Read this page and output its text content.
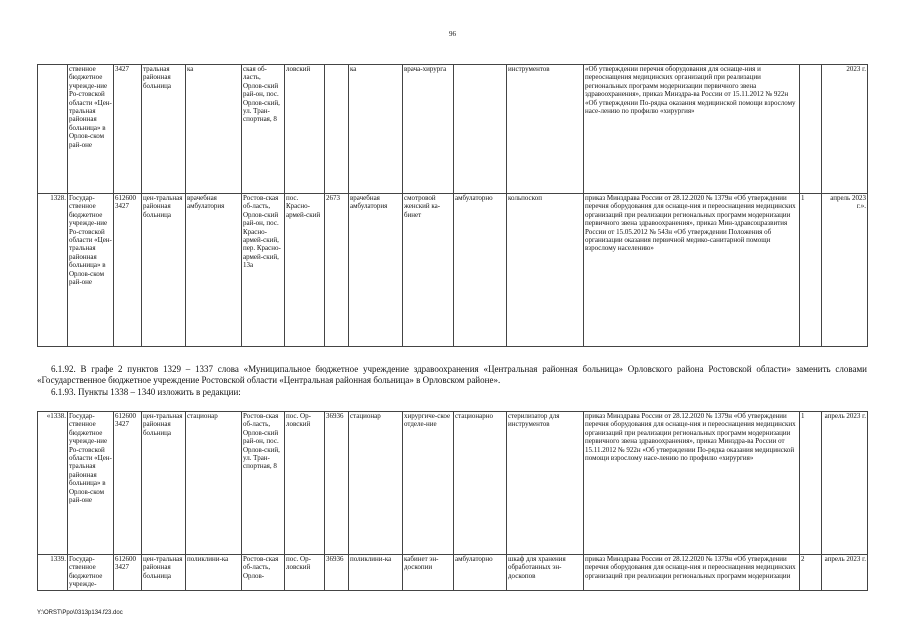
96
	ственное бюджетное учрежде-ние Ро-стовской области «Цен-тральная районная больница» в Орлов-ском рай-оне	3427	тральная районная больница	ка	ская об-ласть, Орлов-ский рай-он, пос. Орлов-ский, ул. Тран-спортная, 8	ловский		ка	врача-хирурга		инструментов	«Об утверждении перечня оборудования для оснаще-ния и переоснащения медицинских организаций при реализации региональных программ модернизации первичного звена здравоохранения», приказ Минздра-ва России от 15.11.2012 № 922н «Об утверждении По-рядка оказания медицинской помощи взрослому насе-лению по профилю «хирургия»		2023 г.
1328.	Государ-ственное бюджетное учрежде-ние Ро-стовской области «Цен-тральная районная больница» в Орлов-ском рай-оне	612600 3427	цен-тральная районная больница	врачебная амбулатория	Ростов-ская об-ласть, Орлов-ский рай-он, пос. Красно-армей-ский, пер. Красно-армей-ский, 13а	пос. Красно-армей-ский	2673	врачебная амбулатория	смотровой женский ка-бинет	амбулаторно	кольпоскоп	приказ Минздрава России от 28.12.2020 № 1379н «Об утверждении перечня оборудования для оснаще-ния и переоснащения медицинских организаций при реализации региональных программ модернизации первичного звена здравоохранения», приказ Мин-здравсоцразвития России от 15.05.2012 № 543н «Об утверждении Положения об организации оказания первичной медико-санитарной помощи взрослому населению»	1	апрель 2023 г.».
6.1.92. В графе 2 пунктов 1329 – 1337 слова «Муниципальное бюджетное учреждение здравоохранения «Центральная районная больница» Орловского района Ростовской области» заменить словами «Государственное бюджетное учреждение Ростовской области «Центральная районная больница» в Орловском районе».
6.1.93. Пункты 1338 – 1340 изложить в редакции:
«1338.	Государ-ственное бюджетное учрежде-ние Ро-стовской области «Цен-тральная районная больница» в Орлов-ском рай-оне	612600 3427	цен-тральная районная больница	стационар	Ростов-ская об-ласть, Орлов-ский рай-он, пос. Орлов-ский, ул. Тран-спортная, 8	пос. Ор-ловский	36936	стационар	хирургиче-ское отделе-ние	стационарно	стерилизатор для инструментов	приказ Минздрава России от 28.12.2020 № 1379н «Об утверждении перечня оборудования для оснаще-ния и переоснащения медицинских организаций при реализации региональных программ модернизации первичного звена здравоохранения», приказ Минздра-ва России от 15.11.2012 № 922н «Об утверждении По-рядка оказания медицинской помощи взрослому насе-лению по профилю «хирургия»	1	апрель 2023 г.
1339.	Государ-ственное бюджетное учрежде-	612600 3427	цен-тральная районная больница	поликлини-ка	Ростов-ская об-ласть, Орлов-	пос. Ор-ловский	36936	поликлини-ка	кабинет эн-доскопии	амбулаторно	шкаф для хранения обработанных эн-доскопов	приказ Минздрава России от 28.12.2020 № 1379н «Об утверждении перечня оборудования для оснаще-ния и переоснащения медицинских организаций при реализации региональных программ модернизации	2	апрель 2023 г.
Y:\ORST\Ppo\0313p134.f23.doc
